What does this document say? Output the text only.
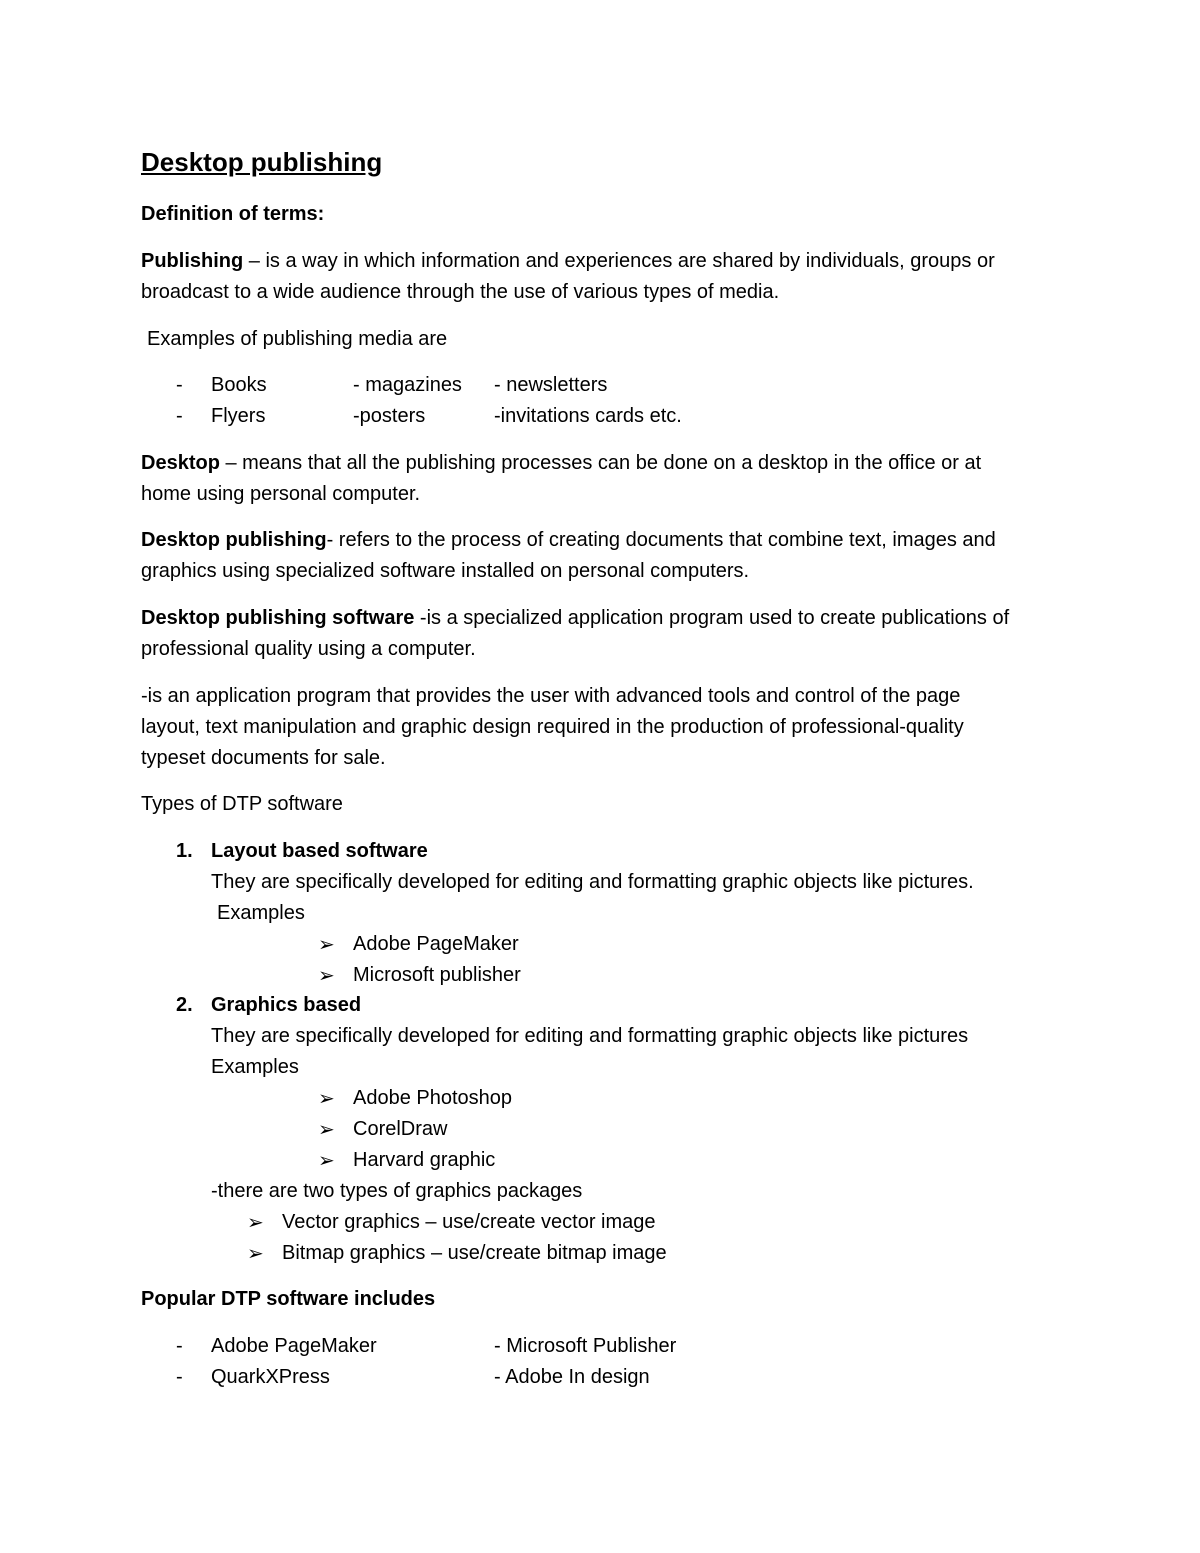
Desktop publishing
Definition of terms:
Publishing – is a way in which information and experiences are shared by individuals, groups or
broadcast to a wide audience through the use of various types of media.
Examples of publishing media are
- Books	- magazines - newsletters
- Flyers	-posters	-invitations cards etc.
Desktop – means that all the publishing processes can be done on a desktop in the office or at
home using personal computer.
Desktop publishing- refers to the process of creating documents that combine text, images and
graphics using specialized software installed on personal computers.
Desktop publishing software -is a specialized application program used to create publications of
professional quality using a computer.
-is an application program that provides the user with advanced tools and control of the page
layout, text manipulation and graphic design required in the production of professional-quality
typeset documents for sale.
Types of DTP software
1. Layout based software
They are specifically developed for editing and formatting graphic objects like pictures.
Examples
➢ Adobe PageMaker
➢ Microsoft publisher
2. Graphics based
They are specifically developed for editing and formatting graphic objects like pictures
Examples
➢ Adobe Photoshop
➢ CorelDraw
➢ Harvard graphic
-there are two types of graphics packages
➢ Vector graphics – use/create vector image
➢ Bitmap graphics – use/create bitmap image
Popular DTP software includes
- Adobe PageMaker	- Microsoft Publisher
- QuarkXPress	- Adobe In design
